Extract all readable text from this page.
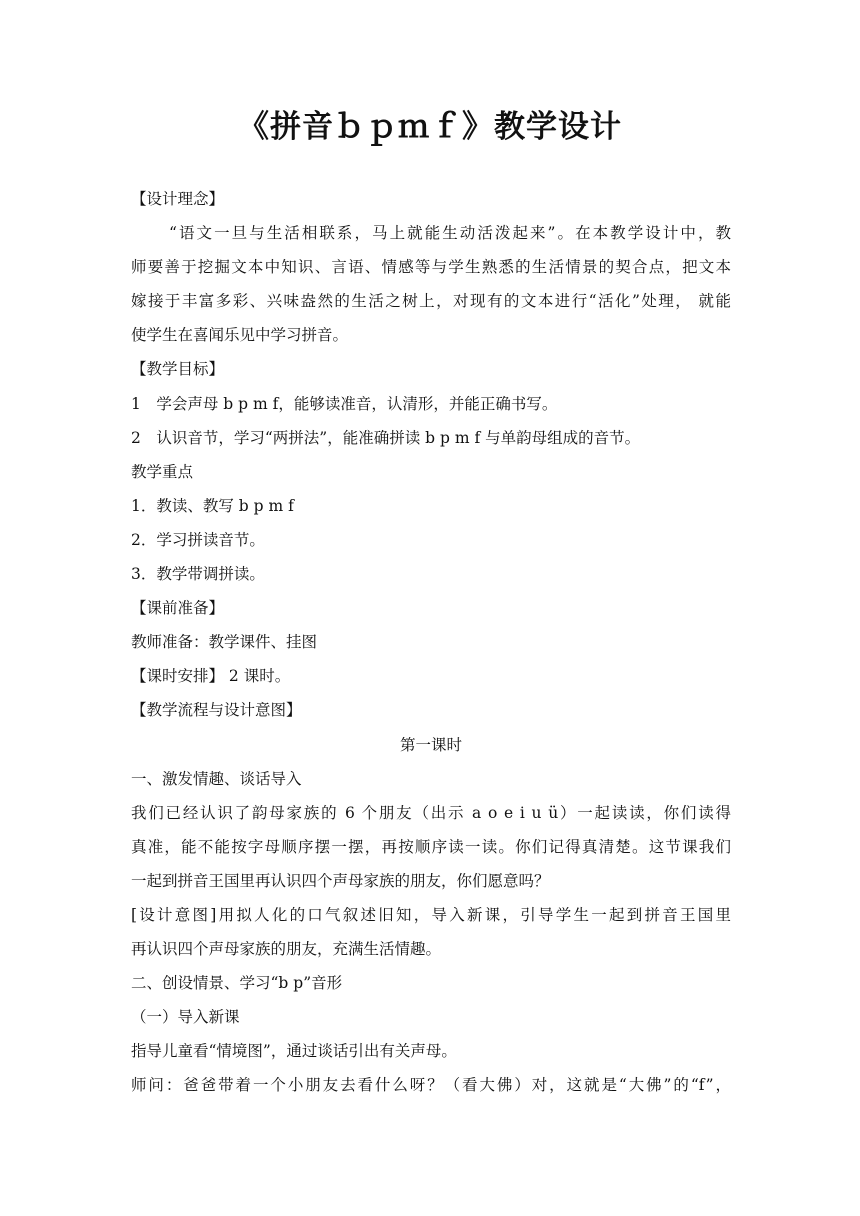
《拼音ｂｐｍｆ》教学设计

【设计理念】

“语文一旦与生活相联系，马上就能生动活泼起来”。在本教学设计中，教

师要善于挖掘文本中知识、言语、情感等与学生熟悉的生活情景的契合点，把文本

嫁接于丰富多彩、兴味盎然的生活之树上，对现有的文本进行“活化”处理， 就能

使学生在喜闻乐见中学习拼音。

【教学目标】

1　学会声母 b p m f，能够读准音，认清形，并能正确书写。

2　认识音节，学习“两拼法”，能准确拼读 b p m f 与单韵母组成的音节。

教学重点

1．教读、教写 b p m f

2．学习拼读音节。

3．教学带调拼读。

【课前准备】

教师准备：教学课件、挂图

【课时安排】 2 课时。

【教学流程与设计意图】

第一课时

一、激发情趣、谈话导入

我们已经认识了韵母家族的 6 个朋友（出示 a o e i u ü）一起读读，你们读得

真准，能不能按字母顺序摆一摆，再按顺序读一读。你们记得真清楚。这节课我们

一起到拼音王国里再认识四个声母家族的朋友，你们愿意吗？

[设计意图]用拟人化的口气叙述旧知，导入新课，引导学生一起到拼音王国里

再认识四个声母家族的朋友，充满生活情趣。

二、创设情景、学习“b p”音形

（一）导入新课

指导儿童看“情境图”，通过谈话引出有关声母。

师问：爸爸带着一个小朋友去看什么呀？（看大佛）对，这就是“大佛”的“f”，
